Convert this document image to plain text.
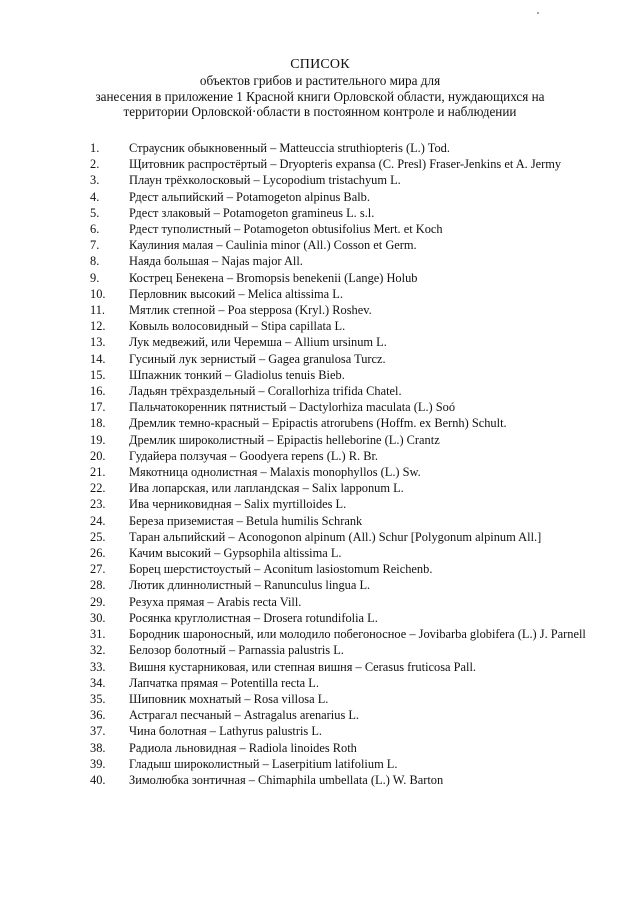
СПИСОК
объектов грибов и растительного мира для
занесения в приложение 1 Красной книги Орловской области, нуждающихся на
территории Орловской·области в постоянном контроле и наблюдении
1. Страусник обыкновенный – Matteuccia struthiopteris (L.) Tod.
2. Щитовник распростёртый – Dryopteris expansa (C. Presl) Fraser-Jenkins et A. Jermy
3. Плаун трёхколосковый – Lycopodium tristachyum L.
4. Рдест альпийский – Potamogeton alpinus Balb.
5. Рдест злаковый – Potamogeton gramineus L. s.l.
6. Рдест туполистный – Potamogeton obtusifolius Mert. et Koch
7. Каулиния малая – Caulinia minor (All.) Cosson et Germ.
8. Наяда большая – Najas major All.
9. Кострец Бенекена – Bromopsis benekenii (Lange) Holub
10. Перловник высокий – Melica altissima L.
11. Мятлик степной – Poa stepposa (Kryl.) Roshev.
12. Ковыль волосовидный – Stipa capillata L.
13. Лук медвежий, или Черемша – Allium ursinum L.
14. Гусиный лук зернистый – Gagea granulosa Turcz.
15. Шпажник тонкий – Gladiolus tenuis Bieb.
16. Ладьян трёхраздельный – Corallorhiza trifida Chatel.
17. Пальчатокоренник пятнистый – Dactylorhiza maculata (L.) Soó
18. Дремлик темно-красный – Epipactis atrorubens (Hoffm. ex Bernh) Schult.
19. Дремлик широколистный – Epipactis helleborine (L.) Crantz
20. Гудайера ползучая – Goodyera repens (L.) R. Br.
21. Мякотница однолистная – Malaxis monophyllos (L.) Sw.
22. Ива лопарская, или лапландская – Salix lapponum L.
23. Ива черниковидная – Salix myrtilloides L.
24. Береза приземистая – Betula humilis Schrank
25. Таран альпийский – Aconogonon alpinum (All.) Schur [Polygonum alpinum All.]
26. Качим высокий – Gypsophila altissima L.
27. Борец шерстистоустый – Aconitum lasiostomum Reichenb.
28. Лютик длиннолистный – Ranunculus lingua L.
29. Резуха прямая – Arabis recta Vill.
30. Росянка круглолистная – Drosera rotundifolia L.
31. Бородник шароносный, или молодило побегоносное – Jovibarba globifera (L.) J. Parnell
32. Белозор болотный – Parnassia palustris L.
33. Вишня кустарниковая, или степная вишня – Cerasus fruticosa Pall.
34. Лапчатка прямая – Potentilla recta L.
35. Шиповник мохнатый – Rosa villosa L.
36. Астрагал песчаный – Astragalus arenarius L.
37. Чина болотная – Lathyrus palustris L.
38. Радиола льновидная – Radiola linoides Roth
39. Гладыш широколистный – Laserpitium latifolium L.
40. Зимолюбка зонтичная – Chimaphila umbellata (L.) W. Barton
